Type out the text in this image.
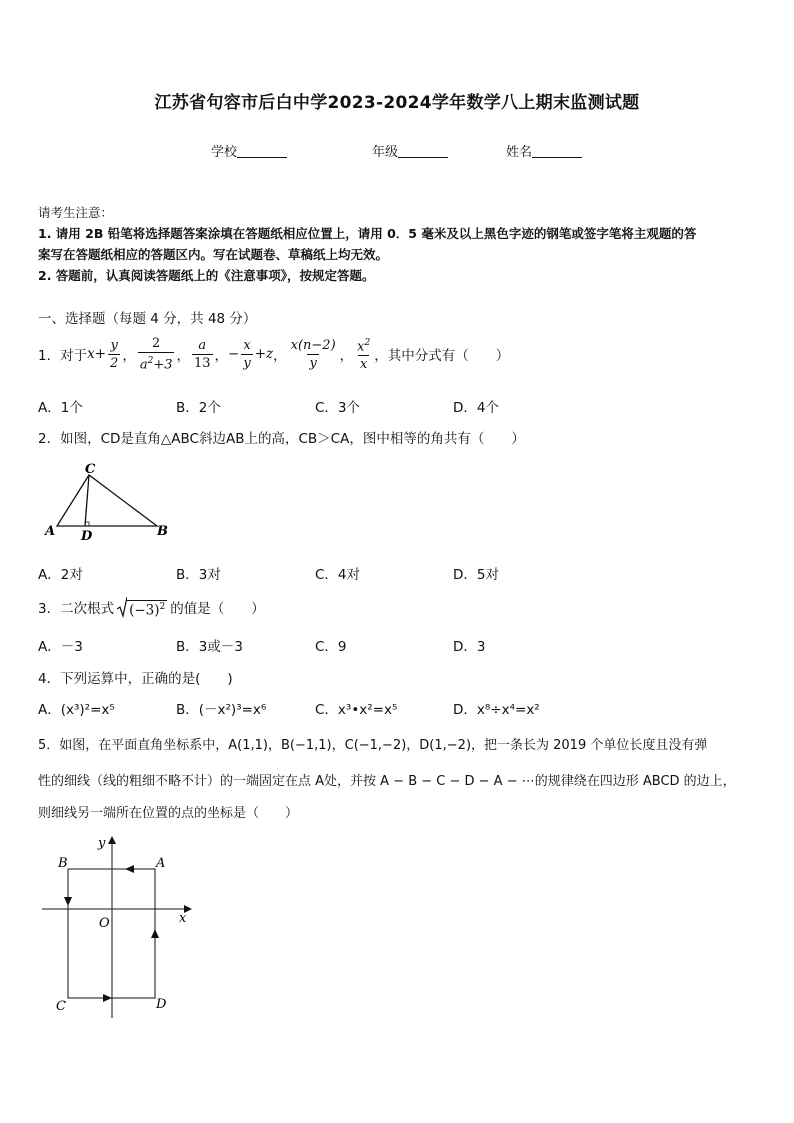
江苏省句容市后白中学2023-2024学年数学八上期末监测试题
学校	年级	姓名
请考生注意：
1. 请用 2B 铅笔将选择题答案涂填在答题纸相应位置上，请用 0．5 毫米及以上黑色字迹的钢笔或签字笔将主观题的答
案写在答题纸相应的答题区内。写在试题卷、草稿纸上均无效。
2. 答题前，认真阅读答题纸上的《注意事项》，按规定答题。
一、选择题（每题 4 分，共 48 分）
1．对于 $x+ \frac{y}{2}$ ， $\frac{2}{a^2+3}$ ， $\frac{a}{13}$ ， − $\frac{x}{y} +z$ ， $\frac{x(n-2)}{y}$ ， $\frac{x^2}{x}$ ，其中分式有（　　）
A．1个	B．2个	C．3个	D．4个
2．如图，CD是直角△ABC斜边AB上的高，CB＞CA，图中相等的角共有（　　）
C
A D	B
A．2对	B．3对	C．4对	D．5对
3．二次根式 $(-3)^2$ 的值是（　　）
A．－3	B．3或－3	C．9	D．3
4．下列运算中，正确的是(　　)
A．(x³)²=x⁵	B．(－x²)³=x⁶	C．x³•x²=x⁵	D．x⁸÷x⁴=x²
5．如图，在平面直角坐标系中，A(1,1)，B(−1,1)，C(−1,−2)，D(1,−2)，把一条长为 2019 个单位长度且没有弹
性的细线（线的粗细不略不计）的一端固定在点 A处，并按 A − B − C − D − A − ⋯的规律绕在四边形 ABCD 的边上，
则细线另一端所在位置的点的坐标是（　　）
y
x
O
A
B
C	D
